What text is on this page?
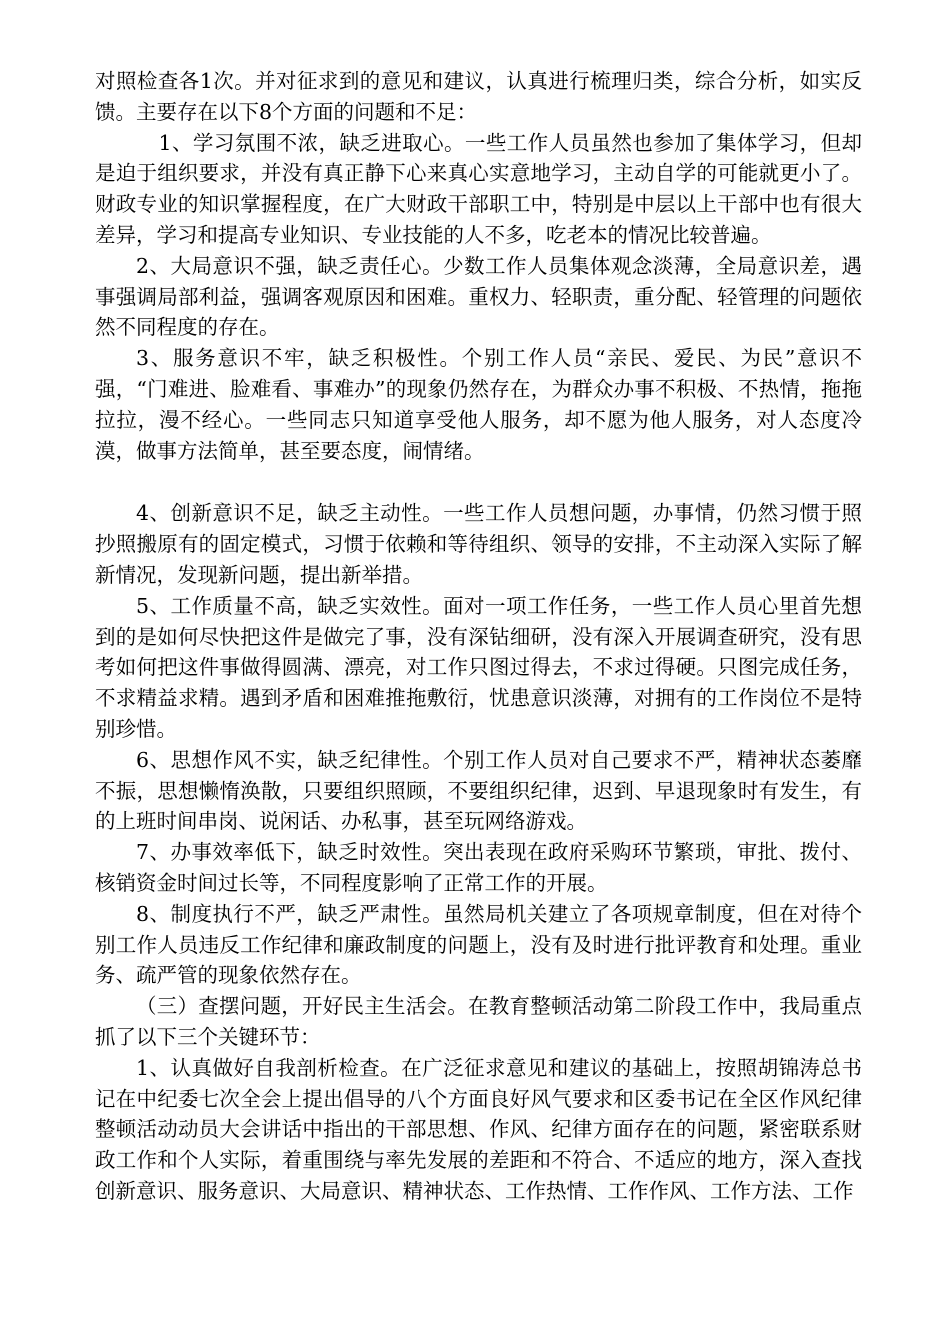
对照检查各1次。并对征求到的意见和建议，认真进行梳理归类，综合分析，如实反馈。主要存在以下8个方面的问题和不足：

1、学习氛围不浓，缺乏进取心。一些工作人员虽然也参加了集体学习，但却是迫于组织要求，并没有真正静下心来真心实意地学习，主动自学的可能就更小了。财政专业的知识掌握程度，在广大财政干部职工中，特别是中层以上干部中也有很大差异，学习和提高专业知识、专业技能的人不多，吃老本的情况比较普遍。

2、大局意识不强，缺乏责任心。少数工作人员集体观念淡薄，全局意识差，遇事强调局部利益，强调客观原因和困难。重权力、轻职责，重分配、轻管理的问题依然不同程度的存在。

3、服务意识不牢，缺乏积极性。个别工作人员“亲民、爱民、为民”意识不强，“门难进、脸难看、事难办”的现象仍然存在，为群众办事不积极、不热情，拖拖拉拉，漫不经心。一些同志只知道享受他人服务，却不愿为他人服务，对人态度冷漠，做事方法简单，甚至要态度，闹情绪。

4、创新意识不足，缺乏主动性。一些工作人员想问题，办事情，仍然习惯于照抄照搬原有的固定模式，习惯于依赖和等待组织、领导的安排，不主动深入实际了解新情况，发现新问题，提出新举措。

5、工作质量不高，缺乏实效性。面对一项工作任务，一些工作人员心里首先想到的是如何尽快把这件是做完了事，没有深钻细研，没有深入开展调查研究，没有思考如何把这件事做得圆满、漂亮，对工作只图过得去，不求过得硬。只图完成任务，不求精益求精。遇到矛盾和困难推拖敷衍，忧患意识淡薄，对拥有的工作岗位不是特别珍惜。

6、思想作风不实，缺乏纪律性。个别工作人员对自己要求不严，精神状态萎靡不振，思想懒惰涣散，只要组织照顾，不要组织纪律，迟到、早退现象时有发生，有的上班时间串岗、说闲话、办私事，甚至玩网络游戏。

7、办事效率低下，缺乏时效性。突出表现在政府采购环节繁琐，审批、拨付、核销资金时间过长等，不同程度影响了正常工作的开展。

8、制度执行不严，缺乏严肃性。虽然局机关建立了各项规章制度，但在对待个别工作人员违反工作纪律和廉政制度的问题上，没有及时进行批评教育和处理。重业务、疏严管的现象依然存在。

（三）查摆问题，开好民主生活会。在教育整顿活动第二阶段工作中，我局重点抓了以下三个关键环节：

1、认真做好自我剖析检查。在广泛征求意见和建议的基础上，按照胡锦涛总书记在中纪委七次全会上提出倡导的八个方面良好风气要求和区委书记在全区作风纪律整顿活动动员大会讲话中指出的干部思想、作风、纪律方面存在的问题，紧密联系财政工作和个人实际，着重围绕与率先发展的差距和不符合、不适应的地方，深入查找创新意识、服务意识、大局意识、精神状态、工作热情、工作作风、工作方法、工作
